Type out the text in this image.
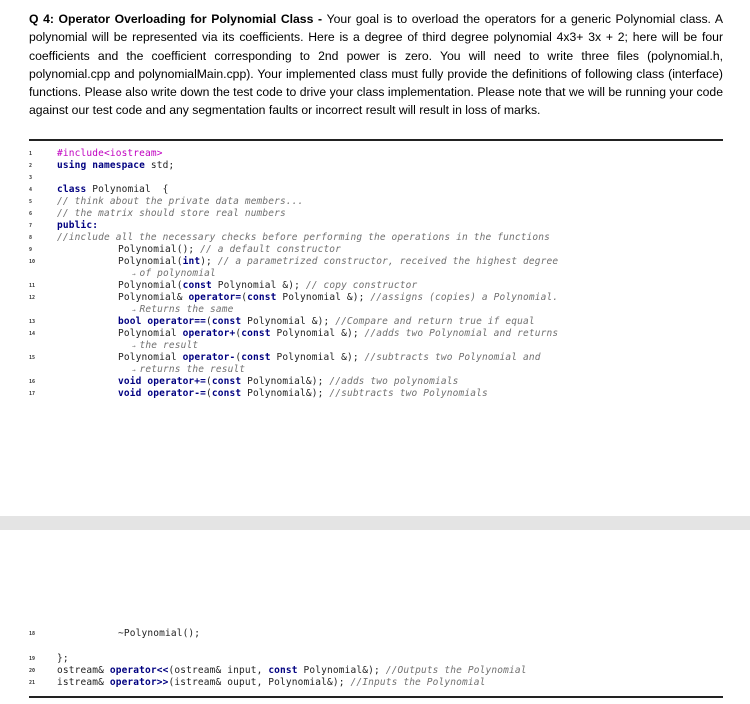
Q 4: Operator Overloading for Polynomial Class - Your goal is to overload the operators for a generic Polynomial class. A polynomial will be represented via its coefficients. Here is a degree of third degree polynomial 4x3+ 3x + 2; here will be four coefficients and the coefficient corresponding to 2nd power is zero. You will need to write three files (polynomial.h, polynomial.cpp and polynomialMain.cpp). Your implemented class must fully provide the definitions of following class (interface) functions. Please also write down the test code to drive your class implementation. Please note that we will be running your code against our test code and any segmentation faults or incorrect result will result in loss of marks.

1
2
3
4
5
6
7
8
9
10
11
12
13
14
15
16
17
18
19
20
21
#include<iostream>
using namespace std;
class Polynomial  {
// think about the private data members...
// the matrix should store real numbers
public:
//include all the necessary checks before performing the operations in the functions
Polynomial(); // a default constructor
Polynomial(int); // a parametrized constructor, received the highest degree
→ of polynomial
Polynomial(const Polynomial &); // copy constructor
Polynomial& operator=(const Polynomial &); //assigns (copies) a Polynomial.
→ Returns the same
bool operator==(const Polynomial &); //Compare and return true if equal
Polynomial operator+(const Polynomial &); //adds two Polynomial and returns
→ the result
Polynomial operator-(const Polynomial &); //subtracts two Polynomial and
→ returns the result
void operator+=(const Polynomial&); //adds two polynomials
void operator-=(const Polynomial&); //subtracts two Polynomials
~Polynomial();
};
ostream& operator<<(ostream& input, const Polynomial&); //Outputs the Polynomial
istream& operator>>(istream& ouput, Polynomial&); //Inputs the Polynomial
